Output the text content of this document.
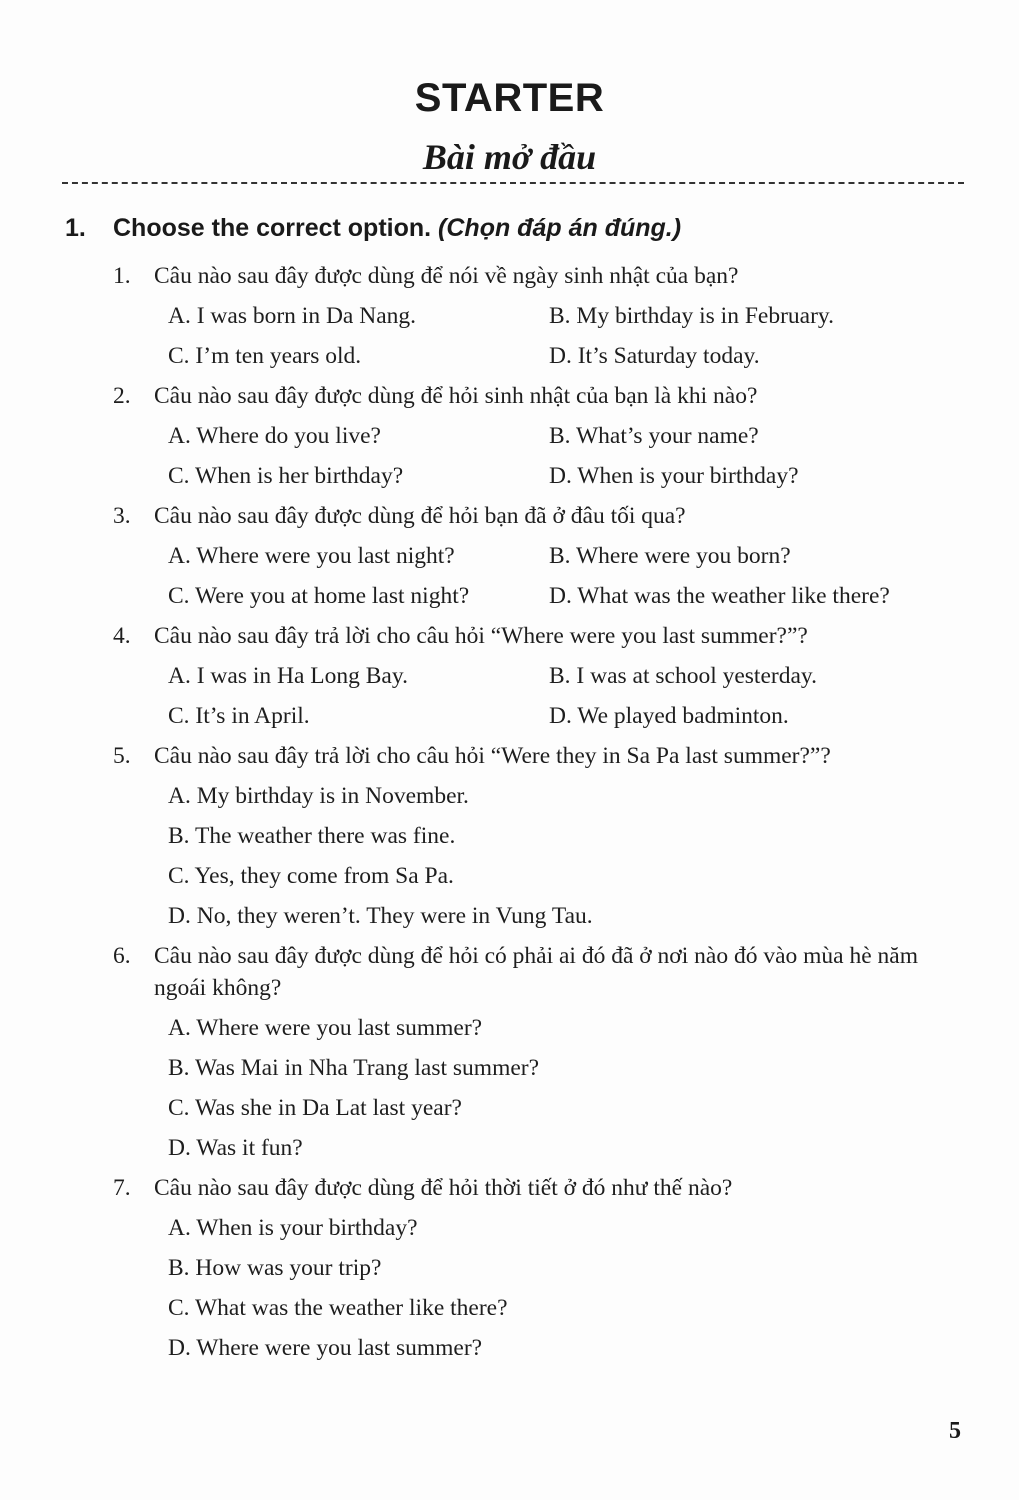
STARTER
Bài mở đầu
1. Choose the correct option. (Chọn đáp án đúng.)
1. Câu nào sau đây được dùng để nói về ngày sinh nhật của bạn?
A. I was born in Da Nang.	B. My birthday is in February.
C. I’m ten years old.	D. It’s Saturday today.
2. Câu nào sau đây được dùng để hỏi sinh nhật của bạn là khi nào?
A. Where do you live?	B. What’s your name?
C. When is her birthday?	D. When is your birthday?
3. Câu nào sau đây được dùng để hỏi bạn đã ở đâu tối qua?
A. Where were you last night?	B. Where were you born?
C. Were you at home last night?	D. What was the weather like there?
4. Câu nào sau đây trả lời cho câu hỏi “Where were you last summer?”?
A. I was in Ha Long Bay.	B. I was at school yesterday.
C. It’s in April.	D. We played badminton.
5. Câu nào sau đây trả lời cho câu hỏi “Were they in Sa Pa last summer?”?
A. My birthday is in November.
B. The weather there was fine.
C. Yes, they come from Sa Pa.
D. No, they weren’t. They were in Vung Tau.
6. Câu nào sau đây được dùng để hỏi có phải ai đó đã ở nơi nào đó vào mùa hè năm ngoái không?
A. Where were you last summer?
B. Was Mai in Nha Trang last summer?
C. Was she in Da Lat last year?
D. Was it fun?
7. Câu nào sau đây được dùng để hỏi thời tiết ở đó như thế nào?
A. When is your birthday?
B. How was your trip?
C. What was the weather like there?
D. Where were you last summer?
5
